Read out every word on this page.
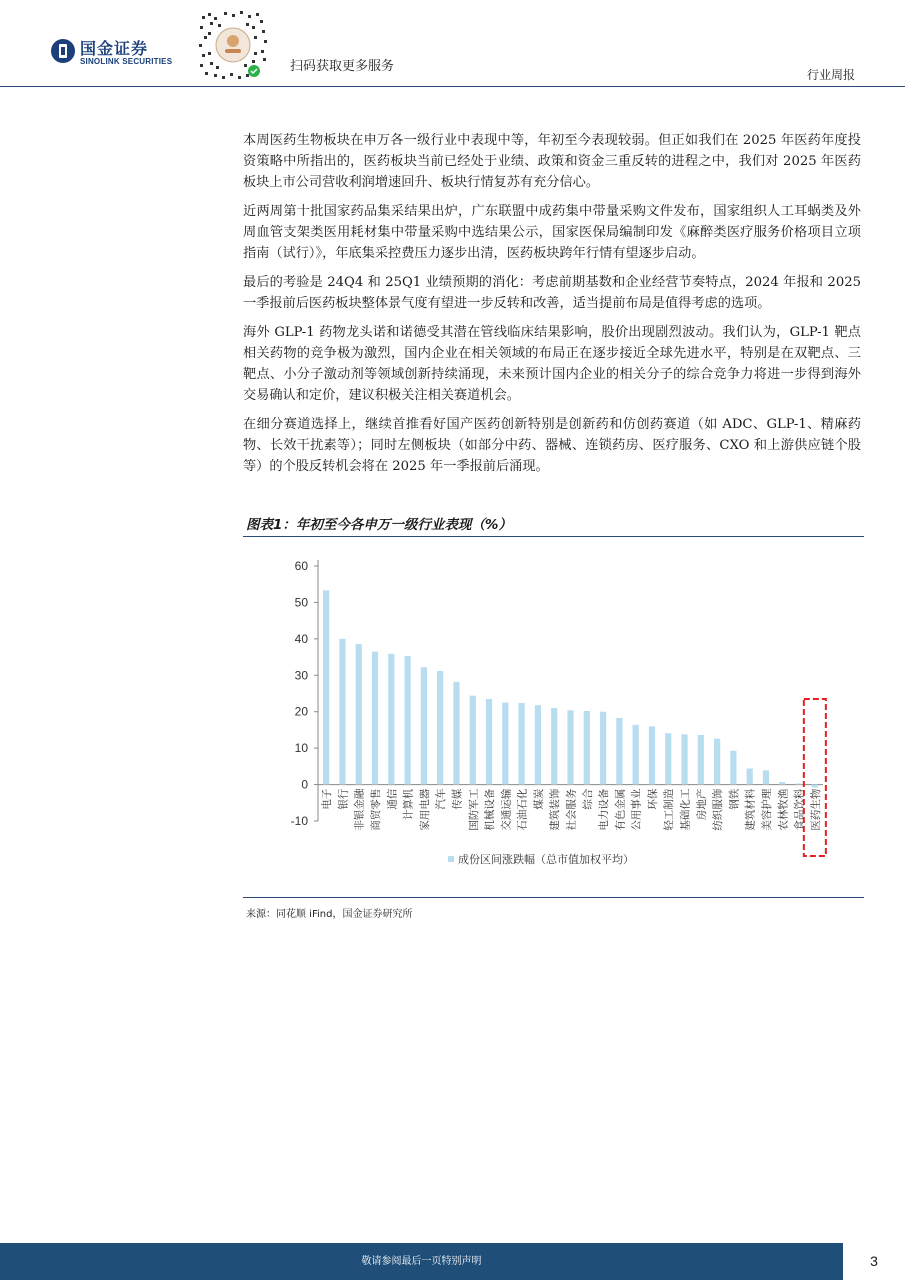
国金证券
SINOLINK SECURITIES	扫码获取更多服务
行业周报

本周医药生物板块在申万各一级行业中表现中等，年初至今表现较弱。但正如我们在 2025 年医药年度投资策略中所指出的，医药板块当前已经处于业绩、政策和资金三重反转的进程之中，我们对 2025 年医药板块上市公司营收利润增速回升、板块行情复苏有充分信心。

近两周第十批国家药品集采结果出炉，广东联盟中成药集中带量采购文件发布，国家组织人工耳蜗类及外周血管支架类医用耗材集中带量采购中选结果公示，国家医保局编制印发《麻醉类医疗服务价格项目立项指南（试行）》，年底集采控费压力逐步出清，医药板块跨年行情有望逐步启动。

最后的考验是 24Q4 和 25Q1 业绩预期的消化：考虑前期基数和企业经营节奏特点，2024 年报和 2025 一季报前后医药板块整体景气度有望进一步反转和改善，适当提前布局是值得考虑的选项。

海外 GLP-1 药物龙头诺和诺德受其潜在管线临床结果影响，股价出现剧烈波动。我们认为，GLP-1 靶点相关药物的竞争极为激烈，国内企业在相关领域的布局正在逐步接近全球先进水平，特别是在双靶点、三靶点、小分子激动剂等领域创新持续涌现，未来预计国内企业的相关分子的综合竞争力将进一步得到海外交易确认和定价，建议积极关注相关赛道机会。

在细分赛道选择上，继续首推看好国产医药创新特别是创新药和仿创药赛道（如 ADC、GLP-1、精麻药物、长效干扰素等）；同时左侧板块（如部分中药、器械、连锁药房、医疗服务、CXO 和上游供应链个股等）的个股反转机会将在 2025 年一季报前后涌现。

图表1：年初至今各申万一级行业表现（%）
-10
0
10
20
30
40
50
60
电子 银行 非银金融 商贸零售 通信 计算机 家用电器 汽车 传媒 国防军工 机械设备 交通运输 石油石化 煤炭 建筑装饰 社会服务 综合 电力设备 有色金属 公用事业 环保 轻工制造 基础化工 房地产 纺织服饰 钢铁 建筑材料 美容护理 农林牧渔 食品饮料 医药生物
成份区间涨跌幅（总市值加权平均）
来源：同花顺 iFind，国金证券研究所
敬请参阅最后一页特别声明	3
